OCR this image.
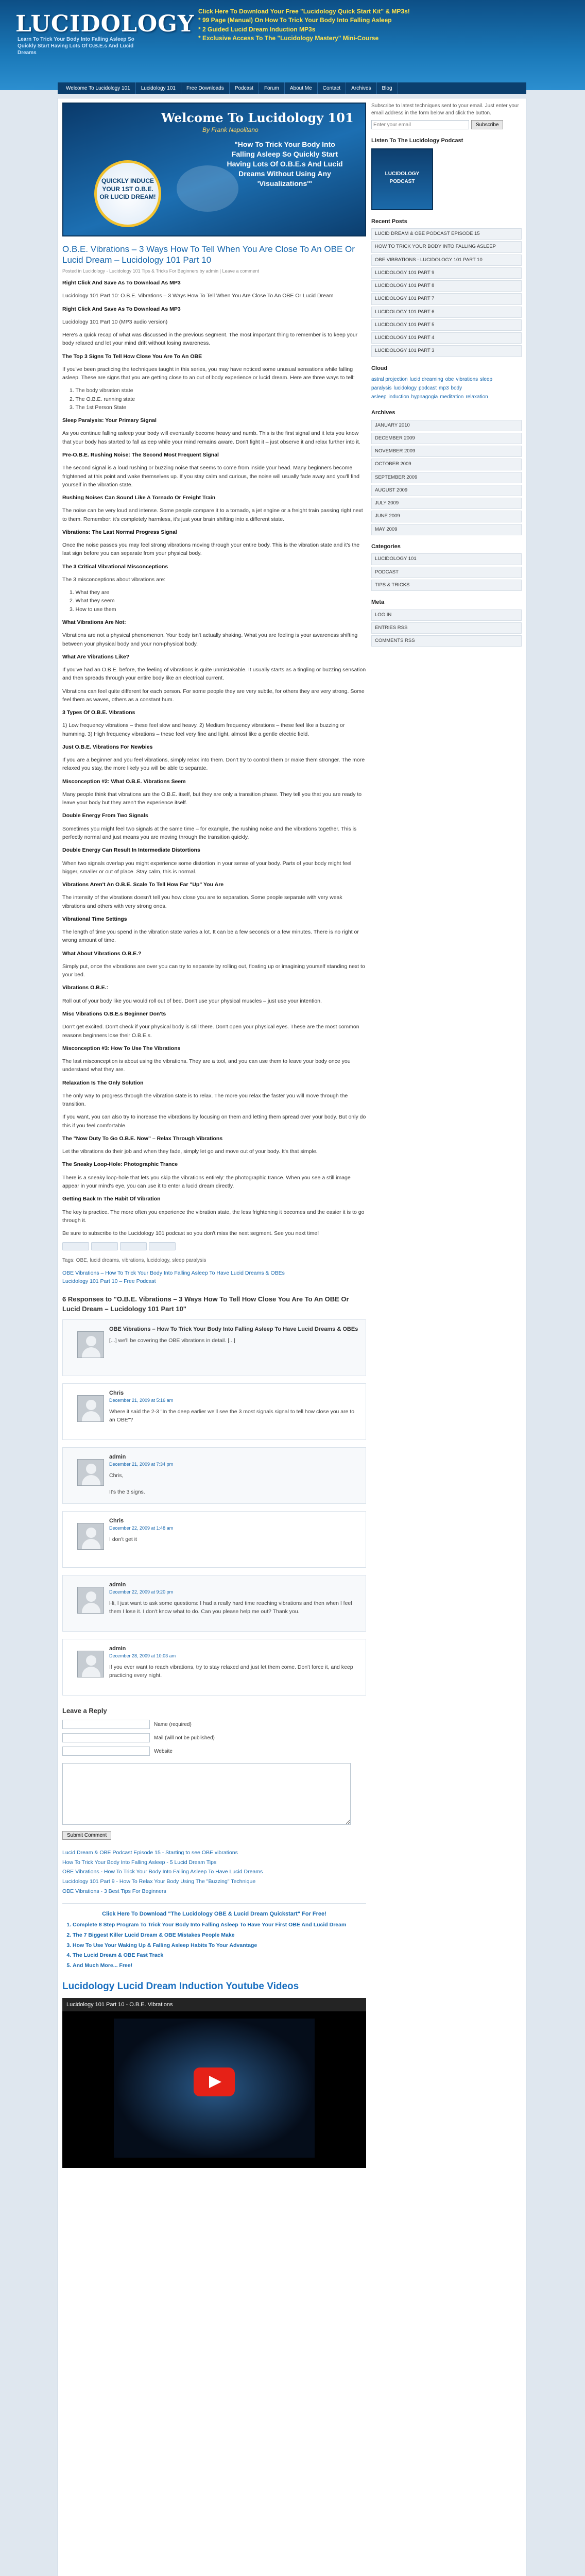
LUCIDOLOGY
Learn To Trick Your Body Into Falling Asleep So Quickly Start Having Lots Of O.B.E.s And Lucid Dreams
Click Here To Download Your Free "Lucidology Quick Start Kit" & MP3s!
* 99 Page (Manual) On How To Trick Your Body Into Falling Asleep
* 2 Guided Lucid Dream Induction MP3s
* Exclusive Access To The "Lucidology Mastery" Mini-Course
Welcome To Lucidology 101	Lucidology 101	Free Downloads	Podcast	Forum	About Me	Contact	Archives	Blog
Welcome To Lucidology 101
By Frank Napolitano
"How To Trick Your Body Into Falling Asleep So Quickly Start Having Lots Of O.B.E.s And Lucid Dreams Without Using Any 'Visualizations'"
QUICKLY INDUCE YOUR 1ST O.B.E. OR LUCID DREAM!
O.B.E. Vibrations – 3 Ways How To Tell When You Are Close To An OBE Or Lucid Dream – Lucidology 101 Part 10
Posted in Lucidology - Lucidology 101 Tips & Tricks For Beginners by admin | Leave a comment

Right Click And Save As To Download As MP3

Lucidology 101 Part 10: O.B.E. Vibrations – 3 Ways How To Tell When You Are Close To An OBE Or Lucid Dream

Right Click And Save As To Download As MP3

Lucidology 101 Part 10 (MP3 audio version)

Here's a quick recap of what was discussed in the previous segment. The most important thing to remember is to keep your body relaxed and let your mind drift without losing awareness.

The Top 3 Signs To Tell How Close You Are To An OBE

If you've been practicing the techniques taught in this series, you may have noticed some unusual sensations while falling asleep. These are signs that you are getting close to an out of body experience or lucid dream. Here are three ways to tell:

1. The body vibration state
2. The O.B.E. running state
3. The 1st Person State

Sleep Paralysis: Your Primary Signal

As you continue falling asleep your body will eventually become heavy and numb. This is the first signal and it lets you know that your body has started to fall asleep while your mind remains aware. Don't fight it – just observe it and relax further into it.

Pre-O.B.E. Rushing Noise: The Second Most Frequent Signal

The second signal is a loud rushing or buzzing noise that seems to come from inside your head. Many beginners become frightened at this point and wake themselves up. If you stay calm and curious, the noise will usually fade away and you'll find yourself in the vibration state.

Rushing Noises Can Sound Like A Tornado Or Freight Train

The noise can be very loud and intense. Some people compare it to a tornado, a jet engine or a freight train passing right next to them. Remember: it's completely harmless, it's just your brain shifting into a different state.

Vibrations: The Last Normal Progress Signal

Once the noise passes you may feel strong vibrations moving through your entire body. This is the vibration state and it's the last sign before you can separate from your physical body.

The 3 Critical Vibrational Misconceptions

The 3 misconceptions about vibrations are:

1. What they are
2. What they seem
3. How to use them

What Vibrations Are Not:

Vibrations are not a physical phenomenon. Your body isn't actually shaking. What you are feeling is your awareness shifting between your physical body and your non-physical body.

What Are Vibrations Like?

If you've had an O.B.E. before, the feeling of vibrations is quite unmistakable. It usually starts as a tingling or buzzing sensation and then spreads through your entire body like an electrical current.

Vibrations can feel quite different for each person. For some people they are very subtle, for others they are very strong. Some feel them as waves, others as a constant hum.

3 Types Of O.B.E. Vibrations

1) Low frequency vibrations – these feel slow and heavy. 2) Medium frequency vibrations – these feel like a buzzing or humming. 3) High frequency vibrations – these feel very fine and light, almost like a gentle electric field.

Just O.B.E. Vibrations For Newbies

If you are a beginner and you feel vibrations, simply relax into them. Don't try to control them or make them stronger. The more relaxed you stay, the more likely you will be able to separate.

Misconception #2: What O.B.E. Vibrations Seem

Many people think that vibrations are the O.B.E. itself, but they are only a transition phase. They tell you that you are ready to leave your body but they aren't the experience itself.

Double Energy From Two Signals

Sometimes you might feel two signals at the same time – for example, the rushing noise and the vibrations together. This is perfectly normal and just means you are moving through the transition quickly.

Double Energy Can Result In Intermediate Distortions

When two signals overlap you might experience some distortion in your sense of your body. Parts of your body might feel bigger, smaller or out of place. Stay calm, this is normal.

Vibrations Aren't An O.B.E. Scale To Tell How Far "Up" You Are

The intensity of the vibrations doesn't tell you how close you are to separation. Some people separate with very weak vibrations and others with very strong ones.

Vibrational Time Settings

The length of time you spend in the vibration state varies a lot. It can be a few seconds or a few minutes. There is no right or wrong amount of time.

What About Vibrations O.B.E.?

Simply put, once the vibrations are over you can try to separate by rolling out, floating up or imagining yourself standing next to your bed.

Vibrations O.B.E.:

Roll out of your body like you would roll out of bed. Don't use your physical muscles – just use your intention.

Misc Vibrations O.B.E.s Beginner Don'ts

Don't get excited. Don't check if your physical body is still there. Don't open your physical eyes. These are the most common reasons beginners lose their O.B.E.s.

Misconception #3: How To Use The Vibrations

The last misconception is about using the vibrations. They are a tool, and you can use them to leave your body once you understand what they are.

Relaxation Is The Only Solution

The only way to progress through the vibration state is to relax. The more you relax the faster you will move through the transition.

If you want, you can also try to increase the vibrations by focusing on them and letting them spread over your body. But only do this if you feel comfortable.

The "Now Duty To Go O.B.E. Now" – Relax Through Vibrations

Let the vibrations do their job and when they fade, simply let go and move out of your body. It's that simple.

The Sneaky Loop-Hole: Photographic Trance

There is a sneaky loop-hole that lets you skip the vibrations entirely: the photographic trance. When you see a still image appear in your mind's eye, you can use it to enter a lucid dream directly.

Getting Back In The Habit Of Vibration

The key is practice. The more often you experience the vibration state, the less frightening it becomes and the easier it is to go through it.

Be sure to subscribe to the Lucidology 101 podcast so you don't miss the next segment. See you next time!

Tags: OBE, lucid dreams, vibrations, lucidology, sleep paralysis
OBE Vibrations – How To Trick Your Body Into Falling Asleep To Have Lucid Dreams & OBEs
Lucidology 101 Part 10 – Free Podcast
6 Responses to "O.B.E. Vibrations – 3 Ways How To Tell How Close You Are To An OBE Or Lucid Dream – Lucidology 101 Part 10"
OBE Vibrations – How To Trick Your Body Into Falling Asleep To Have Lucid Dreams & OBEs
[...] we'll be covering the OBE vibrations in detail. [...]
Chris
December 21, 2009 at 5:16 am
Where it said the 2-3 "In the deep earlier we'll see the 3 most signals signal to tell how close you are to an OBE"?
admin
December 21, 2009 at 7:34 pm
Chris,

It's the 3 signs.
Chris
December 22, 2009 at 1:48 am
I don't get it
admin
December 22, 2009 at 9:20 pm
Hi, I just want to ask some questions: I had a really hard time reaching vibrations and then when I feel them I lose it. I don't know what to do. Can you please help me out? Thank you.
admin
December 28, 2009 at 10:03 am
If you ever want to reach vibrations, try to stay relaxed and just let them come. Don't force it, and keep practicing every night.
Leave a Reply
Name (required)
Mail (will not be published)
Website
Submit Comment
Lucid Dream & OBE Podcast Episode 15 - Starting to see OBE vibrations
How To Trick Your Body Into Falling Asleep - 5 Lucid Dream Tips
OBE Vibrations - How To Trick Your Body Into Falling Asleep To Have Lucid Dreams
Lucidology 101 Part 9 - How To Relax Your Body Using The "Buzzing" Technique
OBE Vibrations - 3 Best Tips For Beginners
Click Here To Download "The Lucidology OBE & Lucid Dream Quickstart" For Free!
1. Complete 8 Step Program To Trick Your Body Into Falling Asleep To Have Your First OBE And Lucid Dream
2. The 7 Biggest Killer Lucid Dream & OBE Mistakes People Make
3. How To Use Your Waking Up & Falling Asleep Habits To Your Advantage
4. The Lucid Dream & OBE Fast Track
5. And Much More... Free!
Lucidology Lucid Dream Induction Youtube Videos
Lucidology 101 Part 10 - O.B.E. Vibrations
Subscribe to latest techniques sent to your email. Just enter your email address in the form below and click the button.
Enter your email
Subscribe
Listen To The Lucidology Podcast
LUCIDOLOGY PODCAST
Recent Posts
LUCID DREAM & OBE PODCAST EPISODE 15
HOW TO TRICK YOUR BODY INTO FALLING ASLEEP
OBE VIBRATIONS - LUCIDOLOGY 101 PART 10
LUCIDOLOGY 101 PART 9
LUCIDOLOGY 101 PART 8
LUCIDOLOGY 101 PART 7
LUCIDOLOGY 101 PART 6
LUCIDOLOGY 101 PART 5
LUCIDOLOGY 101 PART 4
LUCIDOLOGY 101 PART 3
Cloud
astral projection lucid dreaming obe vibrations sleep paralysis lucidology podcast mp3 body asleep induction hypnagogia meditation relaxation
Archives
JANUARY 2010
DECEMBER 2009
NOVEMBER 2009
OCTOBER 2009
SEPTEMBER 2009
AUGUST 2009
JULY 2009
JUNE 2009
MAY 2009
Categories
LUCIDOLOGY 101
PODCAST
TIPS & TRICKS
Meta
LOG IN
ENTRIES RSS
COMMENTS RSS
